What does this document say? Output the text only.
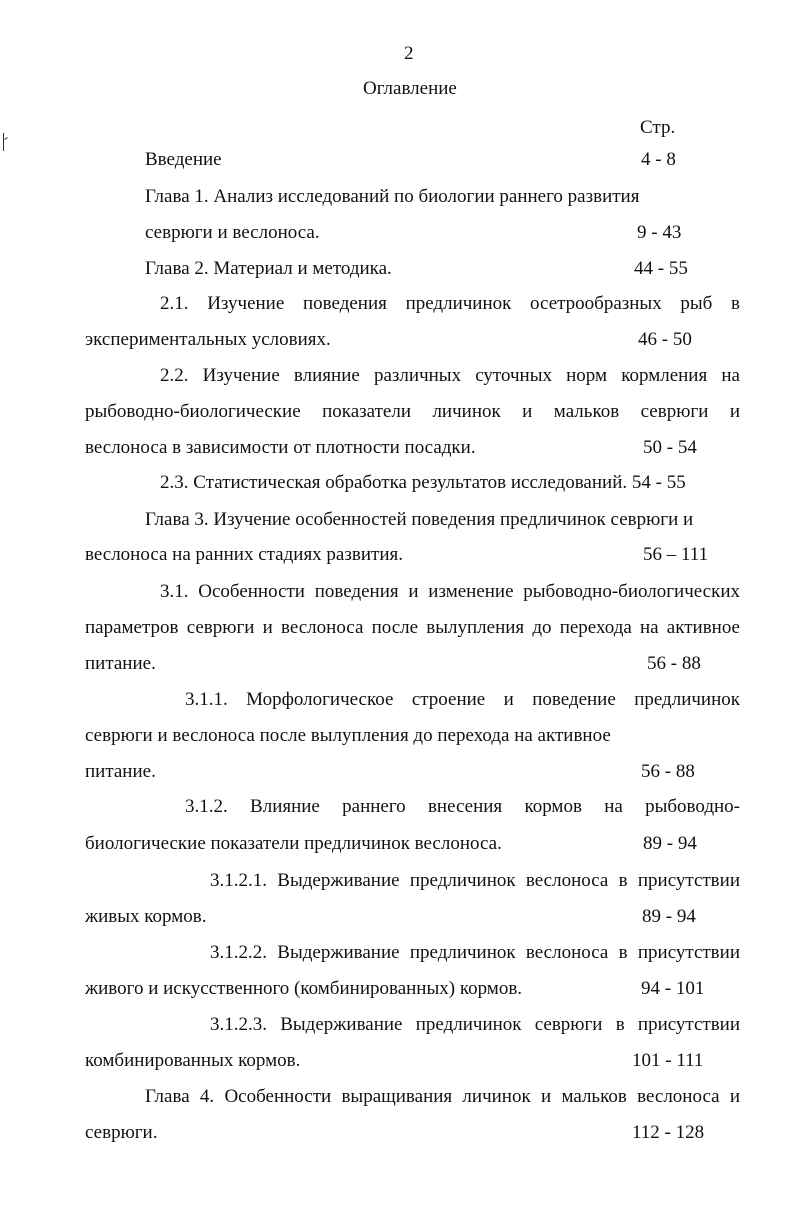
2
Оглавление
Стр.
Введение	4 - 8
Глава 1. Анализ исследований по биологии раннего развития
севрюги и веслоноса.	9 - 43
Глава 2. Материал и методика.	44 - 55
2.1. Изучение поведения предличинок осетрообразных рыб в
экспериментальных условиях.	46 - 50
2.2. Изучение влияние различных суточных норм кормления на
рыбоводно-биологические показатели личинок и мальков севрюги и
веслоноса в зависимости от плотности посадки.	50 - 54
2.3. Статистическая обработка результатов исследований. 54 - 55
Глава 3. Изучение особенностей поведения предличинок севрюги и
веслоноса на ранних стадиях развития.	56 – 111
3.1. Особенности поведения и изменение рыбоводно-биологических
параметров севрюги и веслоноса после вылупления до перехода на активное
питание.	56 - 88
3.1.1. Морфологическое строение и поведение предличинок
севрюги и веслоноса после вылупления до перехода на активное
питание.	56 - 88
3.1.2. Влияние раннего внесения кормов на рыбоводно-
биологические показатели предличинок веслоноса.	89 - 94
3.1.2.1. Выдерживание предличинок веслоноса в присутствии
живых кормов.	89 - 94
3.1.2.2. Выдерживание предличинок веслоноса в присутствии
живого и искусственного (комбинированных) кормов.	94 - 101
3.1.2.3. Выдерживание предличинок севрюги в присутствии
комбинированных кормов.	101 - 111
Глава 4. Особенности выращивания личинок и мальков веслоноса и
севрюги.	112 - 128
